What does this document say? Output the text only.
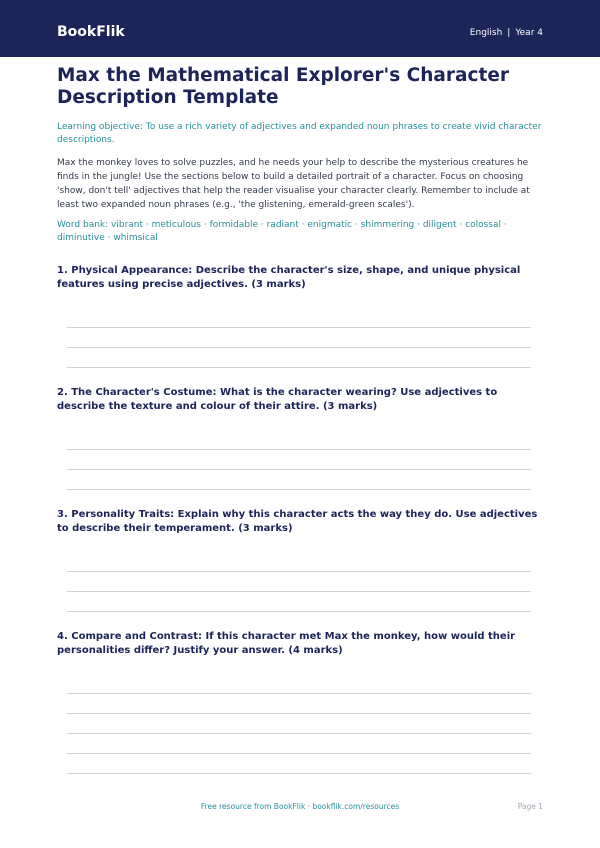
BookFlik	English | Year 4
Max the Mathematical Explorer's Character Description Template
Learning objective: To use a rich variety of adjectives and expanded noun phrases to create vivid character descriptions.
Max the monkey loves to solve puzzles, and he needs your help to describe the mysterious creatures he finds in the jungle! Use the sections below to build a detailed portrait of a character. Focus on choosing 'show, don't tell' adjectives that help the reader visualise your character clearly. Remember to include at least two expanded noun phrases (e.g., 'the glistening, emerald-green scales').
Word bank: vibrant · meticulous · formidable · radiant · enigmatic · shimmering · diligent · colossal · diminutive · whimsical
1. Physical Appearance: Describe the character's size, shape, and unique physical features using precise adjectives. (3 marks)
2. The Character's Costume: What is the character wearing? Use adjectives to describe the texture and colour of their attire. (3 marks)
3. Personality Traits: Explain why this character acts the way they do. Use adjectives to describe their temperament. (3 marks)
4. Compare and Contrast: If this character met Max the monkey, how would their personalities differ? Justify your answer. (4 marks)
Free resource from BookFlik · bookflik.com/resources	Page 1
